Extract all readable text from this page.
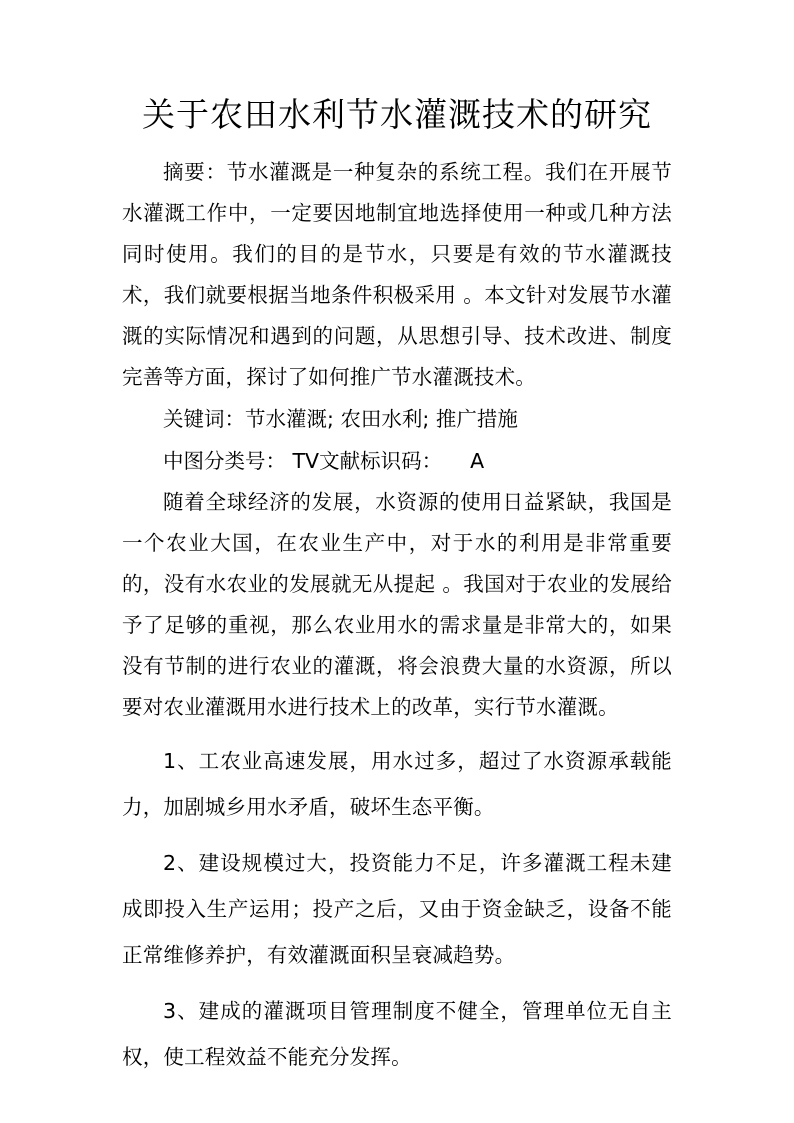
关于农田水利节水灌溉技术的研究

摘要：节水灌溉是一种复杂的系统工程。我们在开展节水灌溉工作中，一定要因地制宜地选择使用一种或几种方法同时使用。我们的目的是节水，只要是有效的节水灌溉技术，我们就要根据当地条件积极采用 。本文针对发展节水灌溉的实际情况和遇到的问题，从思想引导、技术改进、制度完善等方面，探讨了如何推广节水灌溉技术。

关键词：节水灌溉; 农田水利; 推广措施

中图分类号： TV文献标识码： A

随着全球经济的发展，水资源的使用日益紧缺，我国是一个农业大国，在农业生产中，对于水的利用是非常重要的，没有水农业的发展就无从提起 。我国对于农业的发展给予了足够的重视，那么农业用水的需求量是非常大的，如果没有节制的进行农业的灌溉，将会浪费大量的水资源，所以要对农业灌溉用水进行技术上的改革，实行节水灌溉。

1、工农业高速发展，用水过多，超过了水资源承载能力，加剧城乡用水矛盾，破坏生态平衡。

2、建设规模过大，投资能力不足，许多灌溉工程未建成即投入生产运用；投产之后，又由于资金缺乏，设备不能正常维修养护，有效灌溉面积呈衰减趋势。

3、建成的灌溉项目管理制度不健全，管理单位无自主权，使工程效益不能充分发挥。
